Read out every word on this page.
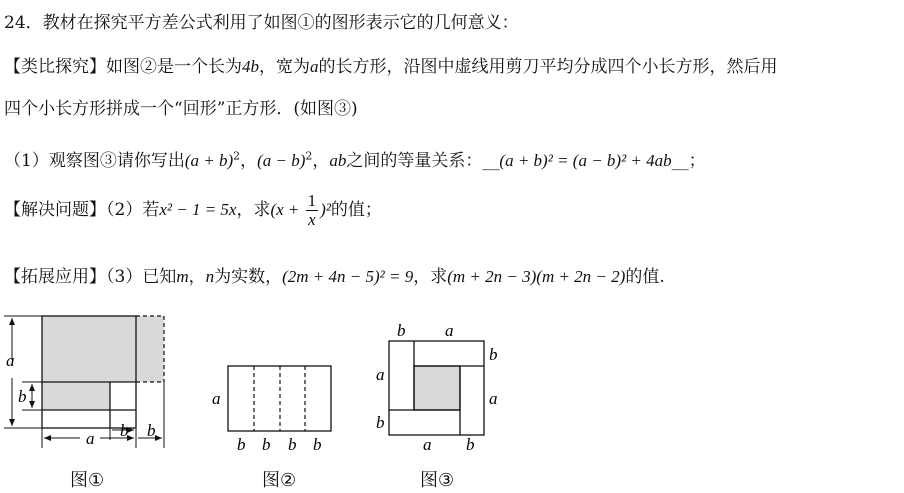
24．教材在探究平方差公式利用了如图①的图形表示它的几何意义：
【类比探究】如图②是一个长为4b，宽为a的长方形，沿图中虚线用剪刀平均分成四个小长方形，然后用
四个小长方形拼成一个“回形”正方形．(如图③)
（1）观察图③请你写出$(a + b)^2$，$(a - b)^2$，ab之间的等量关系：__(a + b)² = (a − b)² + 4ab__；
【解决问题】（2）若x² − 1 = 5x，求$(x + \frac{1}{x} )^2$的值；
【拓展应用】（3）已知m，n为实数，(2m + 4n − 5)² = 9，求(m + 2n − 3)(m + 2n − 2)的值.
a
b
a b b
a
b b b b
b a
b
a
a
b
a b
图①	图②	图③
